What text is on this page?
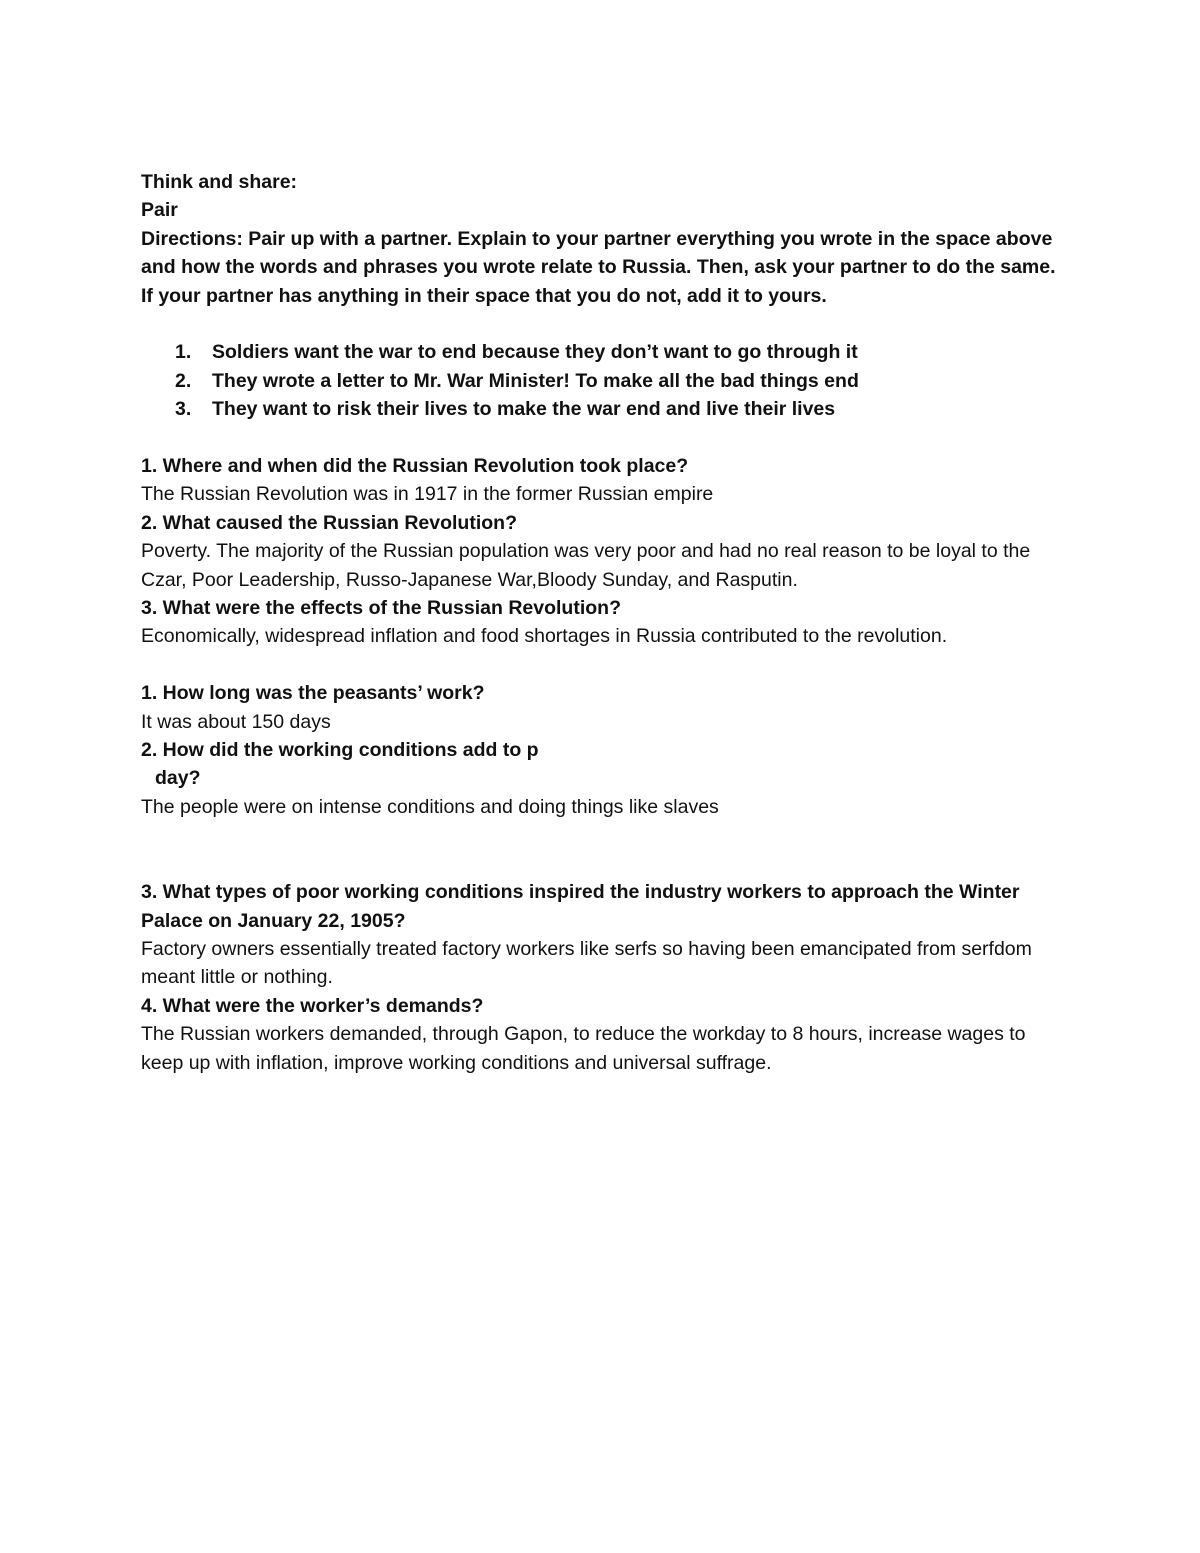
Think and share:

Pair

Directions: Pair up with a partner. Explain to your partner everything you wrote in the space above and how the words and phrases you wrote relate to Russia. Then, ask your partner to do the same. If your partner has anything in their space that you do not, add it to yours.

1. Soldiers want the war to end because they don’t want to go through it
2. They wrote a letter to Mr. War Minister! To make all the bad things end
3. They want to risk their lives to make the war end and live their lives

1. Where and when did the Russian Revolution took place?

The Russian Revolution was in 1917 in the former Russian empire

2. What caused the Russian Revolution?

Poverty. The majority of the Russian population was very poor and had no real reason to be loyal to the Czar, Poor Leadership, Russo-Japanese War,Bloody Sunday, and Rasputin.

3. What were the effects of the Russian Revolution?

Economically, widespread inflation and food shortages in Russia contributed to the revolution.

1. How long was the peasants’ work?

It was about 150 days

2. How did the working conditions add to p

day?

The people were on intense conditions and doing things like slaves

3. What types of poor working conditions inspired the industry workers to approach the Winter Palace on January 22, 1905?

Factory owners essentially treated factory workers like serfs so having been emancipated from serfdom meant little or nothing.

4. What were the worker’s demands?

The Russian workers demanded, through Gapon, to reduce the workday to 8 hours, increase wages to keep up with inflation, improve working conditions and universal suffrage.
